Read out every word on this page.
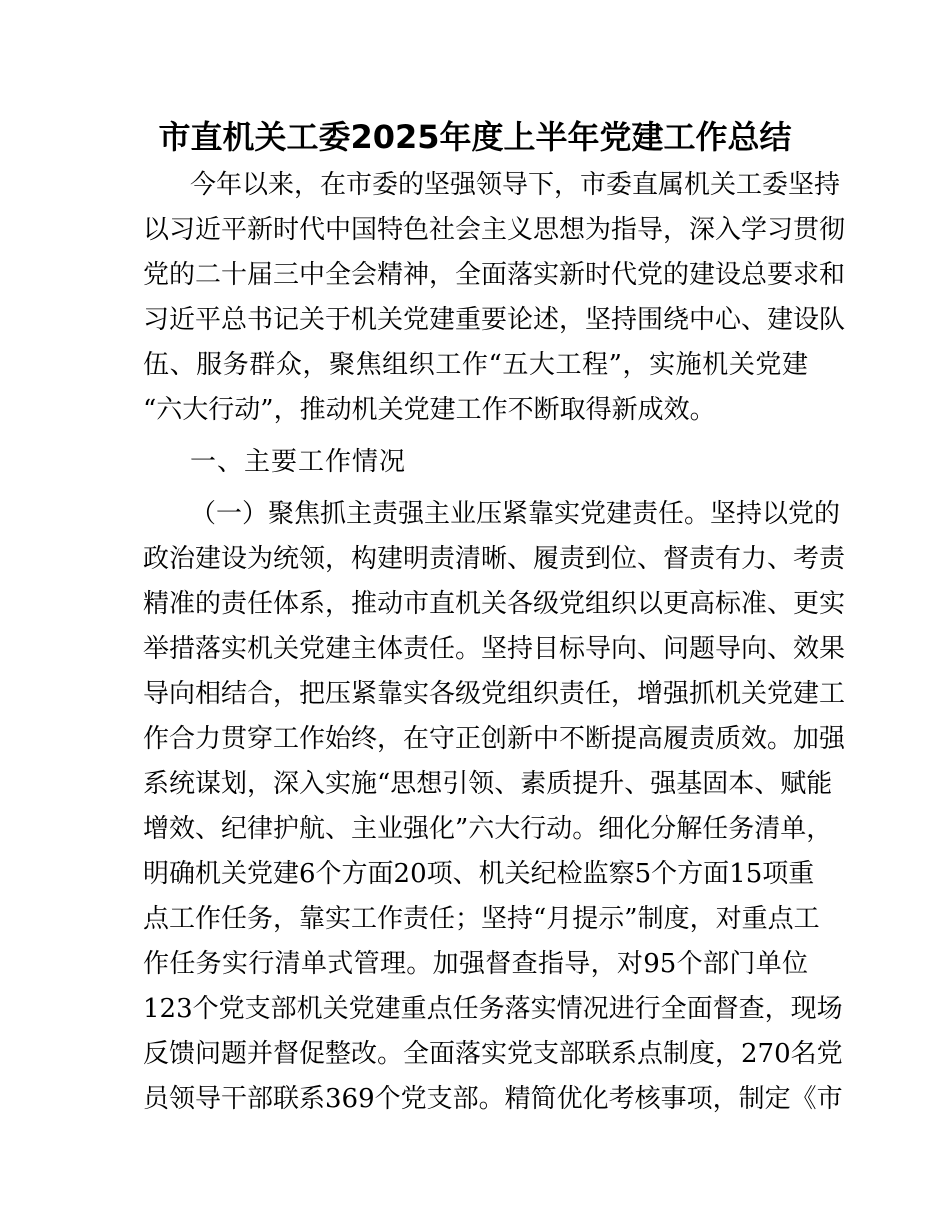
市直机关工委2025年度上半年党建工作总结
今年以来，在市委的坚强领导下，市委直属机关工委坚持
以习近平新时代中国特色社会主义思想为指导，深入学习贯彻
党的二十届三中全会精神，全面落实新时代党的建设总要求和
习近平总书记关于机关党建重要论述，坚持围绕中心、建设队
伍、服务群众，聚焦组织工作“五大工程”，实施机关党建
“六大行动”，推动机关党建工作不断取得新成效。
一、主要工作情况
（一）聚焦抓主责强主业压紧靠实党建责任。坚持以党的
政治建设为统领，构建明责清晰、履责到位、督责有力、考责
精准的责任体系，推动市直机关各级党组织以更高标准、更实
举措落实机关党建主体责任。坚持目标导向、问题导向、效果
导向相结合，把压紧靠实各级党组织责任，增强抓机关党建工
作合力贯穿工作始终，在守正创新中不断提高履责质效。加强
系统谋划，深入实施“思想引领、素质提升、强基固本、赋能
增效、纪律护航、主业强化”六大行动。细化分解任务清单，
明确机关党建6个方面20项、机关纪检监察5个方面15项重
点工作任务，靠实工作责任；坚持“月提示”制度，对重点工
作任务实行清单式管理。加强督查指导，对95个部门单位
123个党支部机关党建重点任务落实情况进行全面督查，现场
反馈问题并督促整改。全面落实党支部联系点制度，270名党
员领导干部联系369个党支部。精简优化考核事项，制定《市
